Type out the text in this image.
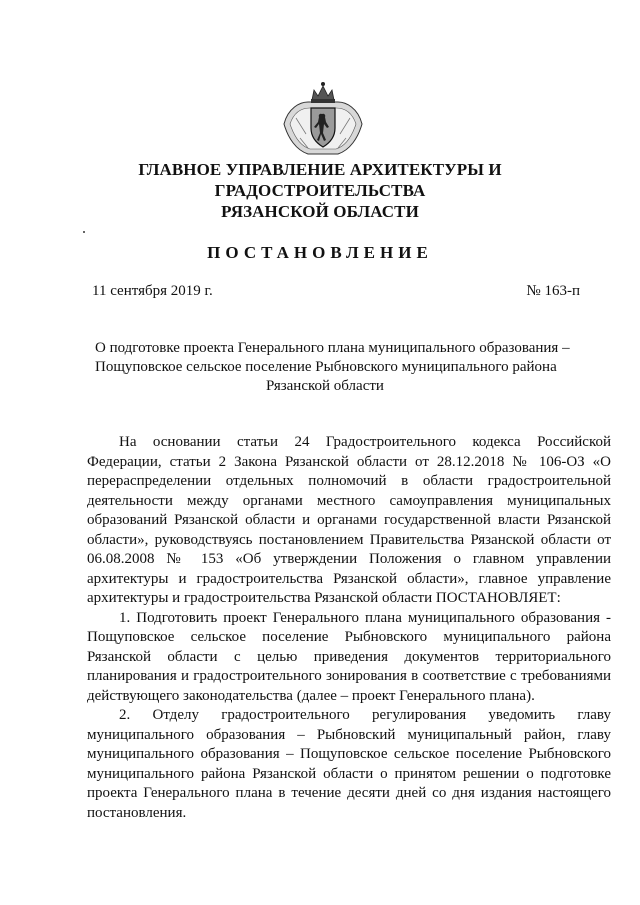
ГЛАВНОЕ УПРАВЛЕНИЕ АРХИТЕКТУРЫ И
ГРАДОСТРОИТЕЛЬСТВА
РЯЗАНСКОЙ ОБЛАСТИ
ПОСТАНОВЛЕНИЕ
11 сентября 2019 г.	№ 163-п
О подготовке проекта Генерального плана муниципального образования –
Пощуповское сельское поселение Рыбновского муниципального района
Рязанской области

На основании статьи 24 Градостроительного кодекса Российской Федерации, статьи 2 Закона Рязанской области от 28.12.2018 № 106-ОЗ «О перераспределении отдельных полномочий в области градостроительной деятельности между органами местного самоуправления муниципальных образований Рязанской области и органами государственной власти Рязанской области», руководствуясь постановлением Правительства Рязанской области от 06.08.2008 № 153 «Об утверждении Положения о главном управлении архитектуры и градостроительства Рязанской области», главное управление архитектуры и градостроительства Рязанской области ПОСТАНОВЛЯЕТ:

1. Подготовить проект Генерального плана муниципального образования - Пощуповское сельское поселение Рыбновского муниципального района Рязанской области с целью приведения документов территориального планирования и градостроительного зонирования в соответствие с требованиями действующего законодательства (далее – проект Генерального плана).

2. Отделу градостроительного регулирования уведомить главу муниципального образования – Рыбновский муниципальный район, главу муниципального образования – Пощуповское сельское поселение Рыбновского муниципального района Рязанской области о принятом решении о подготовке проекта Генерального плана в течение десяти дней со дня издания настоящего постановления.
